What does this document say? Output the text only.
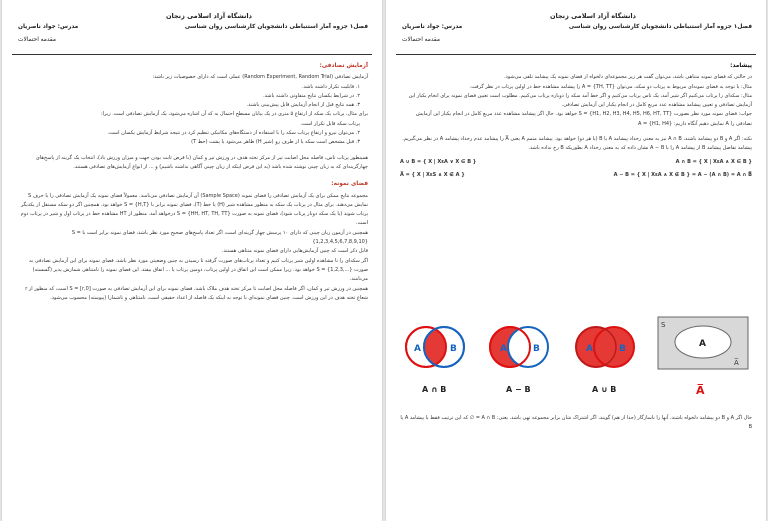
دانشگاه آزاد اسلامی زنجان
فصل۱ جزوه آمار استنباطی دانشجویان کارشناسی روان شناسی
مدرس: جواد ناصریان
مقدمه احتمالات
آزمایش تصادفی:

آزمایش تصادفی (Random Experiment, Random Trial) عملی است که دارای خصوصیات زیر باشد:

۱. قابلیت تکرار داشته باشد.

۲. در شرایط یکسان نتایج متفاوتی داشته باشد.

۳. همه نتایج قبل از انجام آزمایش قابل پیش‌بینی باشند.

برای مثال، پرتاب یک سکه از ارتفاع ۵ متری در یک بیابان مسطح احتمال به که آن اشاره می‌شود، یک آزمایش تصادفی است. زیرا:

پرتاب سکه قابل تکرار است.

۲. می‌توان نیرو و ارتفاع پرتاب سکه را با استفاده از دستگاه‌های مکانیکی تنظیم کرد در نتیجه شرایط آزمایش یکسان است.

۳. قبل مشخص است سکه یا از طرف رو (شیر H) ظاهر می‌شود یا پشت (خط T)

همینطور پرتاب تاس، فاصله محل اصابت تیر از مرکز تخته هدف در ورزش تیر و کمان (با فرض ثابت بودن جهت و میزان ورزش باد)، انتخاب یک گزینه از پاسخ‌های چهارگزینه‌ای که به زبان چینی نوشته شده باشد (به این فرض اینکه از زبان چینی آگاهی نداشته باشیم) و ... از انواع آزمایش‌های تصادفی هستند.

فضای نمونه:

مجموعه نتایج ممکن برای یک آزمایش تصادفی را فضای نمونه (Sample Space) آن آزمایش تصادفی می‌نامند. معمولاً فضای نمونه یک آزمایش تصادفی را با حرف S نمایش می‌دهند. برای مثال در پرتاب یک سکه به منظور مشاهده شیر (H) یا خط (T)، فضای نمونه برابر با {H,T} = S خواهد بود. همچنین اگر دو سکه مستقل از یکدیگر پرتاب شوند (یا یک سکه دوبار پرتاب شود)، فضای نمونه به صورت {HH, HT, TH, TT} = S درخواهد آمد. منظور از HT مشاهده خط در پرتاب اول و شیر در پرتاب دوم است.

همچنین در آزمون زبان چینی که دارای ۱۰ پرسش چهار گزینه‌ای است، اگر تعداد پاسخ‌های صحیح مورد نظر باشد، فضای نمونه برابر است با S = {1,2,3,4,5,6,7,8,9,10}

قابل ذکر است که چنین آزمایش‌هایی دارای فضای نمونه متناهی هستند.

اگر سکه‌ای را تا مشاهده اولین شیر پرتاب کنیم و تعداد پرتاب‌های صورت گرفته تا رسیدن به چنین وضعیتی مورد نظر باشد، فضای نمونه برای این آزمایش تصادفی به صورت {...,1,2,3} = S خواهد بود. زیرا ممکن است این اتفاق در اولین پرتاب، دومین پرتاب یا ... اتفاق بیفتد. این فضای نمونه را نامتناهی شمارش پذیر (گسسته) می‌نامند.

همچنین در ورزش تیر و کمان، اگر فاصله محل اصابت تا مرکز تخته هدف ملاک باشد، فضای نمونه برای این آزمایش تصادفی به صورت [0,r] = S است، که منظور از r شعاع تخته هدف در این ورزش است. چنین فضای نمونه‌ای با توجه به اینکه یک فاصله از اعداد حقیقی است، نامتناهی و ناشمارا (پیوسته) محسوب می‌شود.

دانشگاه آزاد اسلامی زنجان
فصل۱ جزوه آمار استنباطی دانشجویان کارشناسی روان شناسی
مدرس: جواد ناصریان
مقدمه احتمالات
پیشامد:

در حالتی که فضای نمونه متناهی باشد، می‌توان گفت هر زیر مجموعه‌ای دلخواه از فضای نمونه یک پیشامد تلقی می‌شود.

مثال: با توجه به فضای نمونه‌ای مربوط به پرتاب دو سکه، می‌توان {TH, TT} = A را پیشامد مشاهده خط در اولین پرتاب در نظر گرفت.

مثال: سکه‌ای را پرتاب می‌کنیم اگر شیر آمد، یک تاس پرتاب می‌کنیم و اگر خط آمد سکه را دوباره پرتاب می‌کنیم. مطلوب است تعیین فضای نمونه برای انجام یکبار این آزمایش تصادفی و تعیین پیشامد مشاهده عدد مربع کامل در انجام یکبار این آزمایش تصادفی.

جواب: فضای نمونه مورد نظر بصورت {H1, H2, H3, H4, H5, H6, HT, TT} = S خواهد بود. حال اگر پیشامد مشاهده عدد مربع کامل در انجام یکبار این آزمایش تصادفی را A نمایش دهیم آنگاه داریم: {H1, H4} = A

نکته: اگر A و B دو پیشامد باشند، A ∩ B نیز به معنی رخداد پیشامد A یا B (یا هر دو) خواهد بود. پیشامد متمم A یعنی A̅ را پیشامد عدم رخداد پیشامد A در نظر می‌گیریم. پیشامد تفاضل پیشامد B از پیشامد A را با A − B نشان داده که به معنی رخداد A بطوریکه B رخ نداده باشد.

A ∪ B = { X | XεA ∨ X ∈ B }	A ∩ B = { X | XεA ∧ X ∈ B }
A̅ = { X | XεS ∧ X ∉ A }	A − B = { X | XεA ∧ X ∉ B } = A − (A ∩ B) = A ∩ B̅
A	B
A ∩ B
A	B
A − B
A	B
A ∪ B
S
A
A̅
A̅

حال اگر A و B دو پیشامد دلخواه باشند، آنها را ناسازگار (جدا از هم) گویند، اگر اشتراک شان برابر مجموعه تهی باشد. یعنی: A ∩ B = ∅ که این ترتیب فقط یا پیشامد A یا B
